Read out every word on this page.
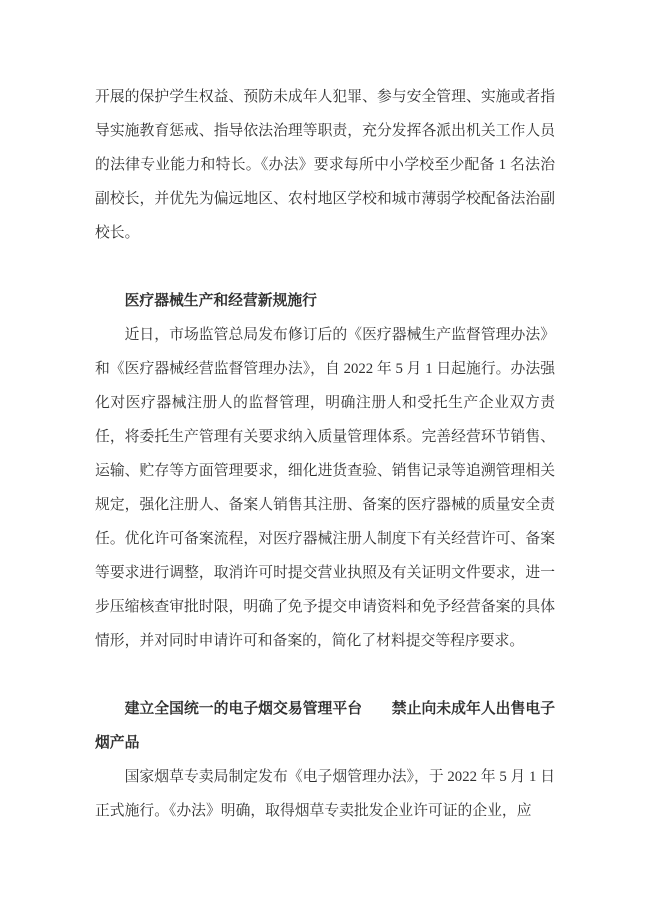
开展的保护学生权益、预防未成年人犯罪、参与安全管理、实施或者指导实施教育惩戒、指导依法治理等职责，充分发挥各派出机关工作人员的法律专业能力和特长。《办法》要求每所中小学校至少配备 1 名法治副校长，并优先为偏远地区、农村地区学校和城市薄弱学校配备法治副校长。

医疗器械生产和经营新规施行

近日，市场监管总局发布修订后的《医疗器械生产监督管理办法》和《医疗器械经营监督管理办法》，自 2022 年 5 月 1 日起施行。办法强化对医疗器械注册人的监督管理，明确注册人和受托生产企业双方责任，将委托生产管理有关要求纳入质量管理体系。完善经营环节销售、运输、贮存等方面管理要求，细化进货查验、销售记录等追溯管理相关规定，强化注册人、备案人销售其注册、备案的医疗器械的质量安全责任。优化许可备案流程，对医疗器械注册人制度下有关经营许可、备案等要求进行调整，取消许可时提交营业执照及有关证明文件要求，进一步压缩核查审批时限，明确了免予提交申请资料和免予经营备案的具体情形，并对同时申请许可和备案的，简化了材料提交等程序要求。

建立全国统一的电子烟交易管理平台　　禁止向未成年人出售电子烟产品

国家烟草专卖局制定发布《电子烟管理办法》，于 2022 年 5 月 1 日正式施行。《办法》明确，取得烟草专卖批发企业许可证的企业，应
